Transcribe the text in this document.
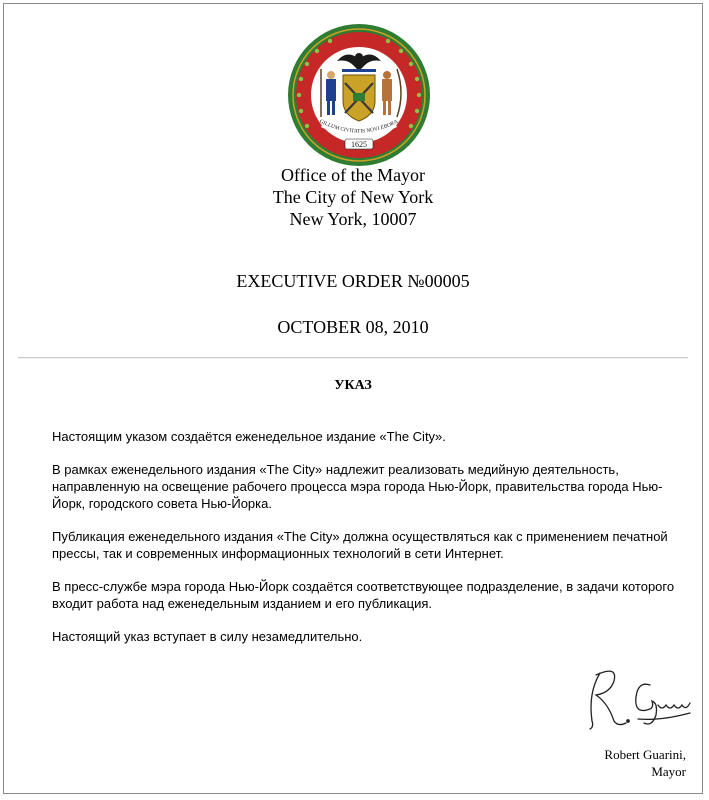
GILLUM CIVITATIS NOVI EBORA
1625
Office of the Mayor
The City of New York
New York, 10007
EXECUTIVE ORDER №00005
OCTOBER 08, 2010
УКАЗ

Настоящим указом создаётся еженедельное издание «The City».

В рамках еженедельного издания «The City» надлежит реализовать медийную деятельность, направленную на освещение рабочего процесса мэра города Нью-Йорк, правительства города Нью-Йорк, городского совета Нью-Йорка.

Публикация еженедельного издания «The City» должна осуществляться как с применением печатной прессы, так и современных информационных технологий в сети Интернет.

В пресс-службе мэра города Нью-Йорк создаётся соответствующее подразделение, в задачи которого входит работа над еженедельным изданием и его публикация.

Настоящий указ вступает в силу незамедлительно.

Robert Guarini,
Mayor
